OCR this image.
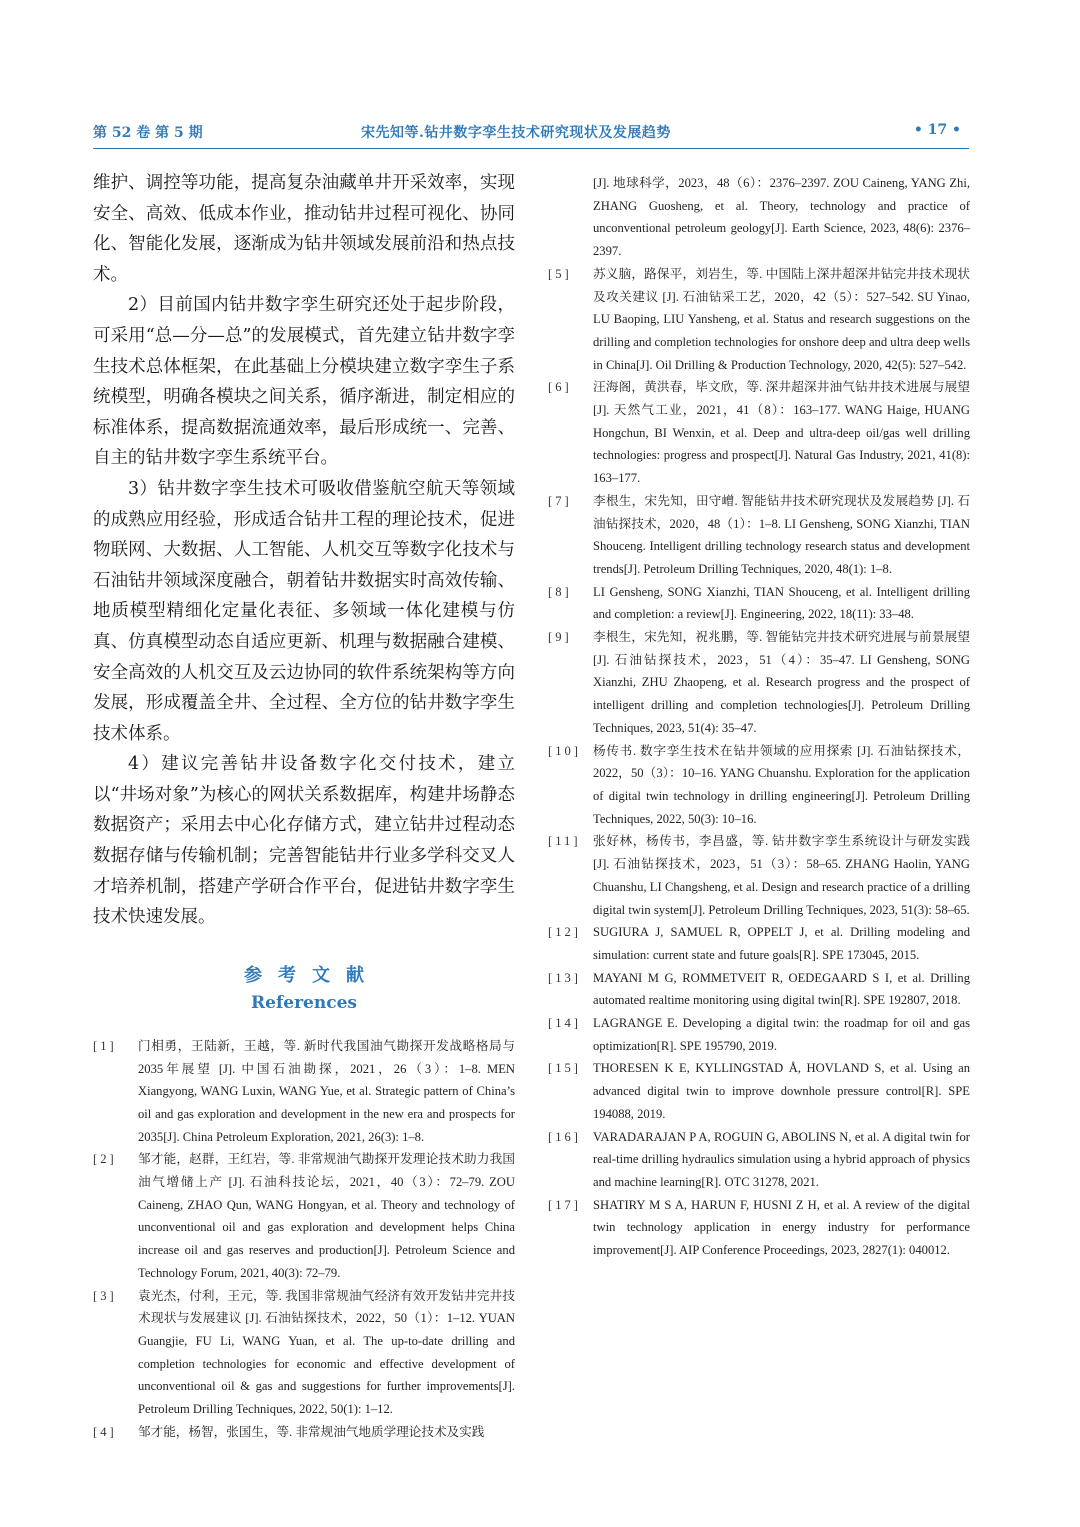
第 52 卷 第 5 期	宋先知等.钻井数字孪生技术研究现状及发展趋势	• 17 •

维护、调控等功能，提高复杂油藏单井开采效率，实现安全、高效、低成本作业，推动钻井过程可视化、协同化、智能化发展，逐渐成为钻井领域发展前沿和热点技术。

2）目前国内钻井数字孪生研究还处于起步阶段，可采用“总—分—总”的发展模式，首先建立钻井数字孪生技术总体框架，在此基础上分模块建立数字孪生子系统模型，明确各模块之间关系，循序渐进，制定相应的标准体系，提高数据流通效率，最后形成统一、完善、自主的钻井数字孪生系统平台。

3）钻井数字孪生技术可吸收借鉴航空航天等领域的成熟应用经验，形成适合钻井工程的理论技术，促进物联网、大数据、人工智能、人机交互等数字化技术与石油钻井领域深度融合，朝着钻井数据实时高效传输、地质模型精细化定量化表征、多领域一体化建模与仿真、仿真模型动态自适应更新、机理与数据融合建模、安全高效的人机交互及云边协同的软件系统架构等方向发展，形成覆盖全井、全过程、全方位的钻井数字孪生技术体系。

4）建议完善钻井设备数字化交付技术，建立以“井场对象”为核心的网状关系数据库，构建井场静态数据资产；采用去中心化存储方式，建立钻井过程动态数据存储与传输机制；完善智能钻井行业多学科交叉人才培养机制，搭建产学研合作平台，促进钻井数字孪生技术快速发展。

参考文献
References
[1]	门相勇，王陆新，王越，等. 新时代我国油气勘探开发战略格局与2035年展望 [J]. 中国石油勘探，2021，26（3）：1–8. MEN Xiangyong, WANG Luxin, WANG Yue, et al. Strategic pattern of China’s oil and gas exploration and development in the new era and prospects for 2035[J]. China Petroleum Exploration, 2021, 26(3): 1–8.
[2]	邹才能，赵群，王红岩，等. 非常规油气勘探开发理论技术助力我国油气增储上产 [J]. 石油科技论坛，2021，40（3）：72–79. ZOU Caineng, ZHAO Qun, WANG Hongyan, et al. Theory and technology of unconventional oil and gas exploration and development helps China increase oil and gas reserves and production[J]. Petroleum Science and Technology Forum, 2021, 40(3): 72–79.
[3]	袁光杰，付利，王元，等. 我国非常规油气经济有效开发钻井完井技术现状与发展建议 [J]. 石油钻探技术，2022，50（1）：1–12. YUAN Guangjie, FU Li, WANG Yuan, et al. The up-to-date drilling and completion technologies for economic and effective development of unconventional oil & gas and suggestions for further improvements[J]. Petroleum Drilling Techniques, 2022, 50(1): 1–12.
[4]	邹才能，杨智，张国生，等. 非常规油气地质学理论技术及实践
[J]. 地球科学，2023，48（6）：2376–2397. ZOU Caineng, YANG Zhi, ZHANG Guosheng, et al. Theory, technology and practice of unconventional petroleum geology[J]. Earth Science, 2023, 48(6): 2376–2397.
[5]	苏义脑，路保平，刘岩生，等. 中国陆上深井超深井钻完井技术现状及攻关建议 [J]. 石油钻采工艺，2020，42（5）：527–542. SU Yinao, LU Baoping, LIU Yansheng, et al. Status and research suggestions on the drilling and completion technologies for onshore deep and ultra deep wells in China[J]. Oil Drilling & Production Technology, 2020, 42(5): 527–542.
[6]	汪海阁，黄洪春，毕文欣，等. 深井超深井油气钻井技术进展与展望 [J]. 天然气工业，2021，41（8）：163–177. WANG Haige, HUANG Hongchun, BI Wenxin, et al. Deep and ultra-deep oil/gas well drilling technologies: progress and prospect[J]. Natural Gas Industry, 2021, 41(8): 163–177.
[7]	李根生，宋先知，田守嶒. 智能钻井技术研究现状及发展趋势 [J]. 石油钻探技术，2020，48（1）：1–8. LI Gensheng, SONG Xianzhi, TIAN Shouceng. Intelligent drilling technology research status and development trends[J]. Petroleum Drilling Techniques, 2020, 48(1): 1–8.
[8]	LI Gensheng, SONG Xianzhi, TIAN Shouceng, et al. Intelligent drilling and completion: a review[J]. Engineering, 2022, 18(11): 33–48.
[9]	李根生，宋先知，祝兆鹏，等. 智能钻完井技术研究进展与前景展望 [J]. 石油钻探技术，2023，51（4）：35–47. LI Gensheng, SONG Xianzhi, ZHU Zhaopeng, et al. Research progress and the prospect of intelligent drilling and completion technologies[J]. Petroleum Drilling Techniques, 2023, 51(4): 35–47.
[10] 杨传书. 数字孪生技术在钻井领域的应用探索 [J]. 石油钻探技术，2022，50（3）：10–16. YANG Chuanshu. Exploration for the application of digital twin technology in drilling engineering[J]. Petroleum Drilling Techniques, 2022, 50(3): 10–16.
[11] 张好林，杨传书，李昌盛，等. 钻井数字孪生系统设计与研发实践 [J]. 石油钻探技术，2023，51（3）：58–65. ZHANG Haolin, YANG Chuanshu, LI Changsheng, et al. Design and research practice of a drilling digital twin system[J]. Petroleum Drilling Techniques, 2023, 51(3): 58–65.
[12] SUGIURA J, SAMUEL R, OPPELT J, et al. Drilling modeling and simulation: current state and future goals[R]. SPE 173045, 2015.
[13] MAYANI M G, ROMMETVEIT R, OEDEGAARD S I, et al. Drilling automated realtime monitoring using digital twin[R]. SPE 192807, 2018.
[14] LAGRANGE E. Developing a digital twin: the roadmap for oil and gas optimization[R]. SPE 195790, 2019.
[15] THORESEN K E, KYLLINGSTAD Å, HOVLAND S, et al. Using an advanced digital twin to improve downhole pressure control[R]. SPE 194088, 2019.
[16] VARADARAJAN P A, ROGUIN G, ABOLINS N, et al. A digital twin for real-time drilling hydraulics simulation using a hybrid approach of physics and machine learning[R]. OTC 31278, 2021.
[17] SHATIRY M S A, HARUN F, HUSNI Z H, et al. A review of the digital twin technology application in energy industry for performance improvement[J]. AIP Conference Proceedings, 2023, 2827(1): 040012.
